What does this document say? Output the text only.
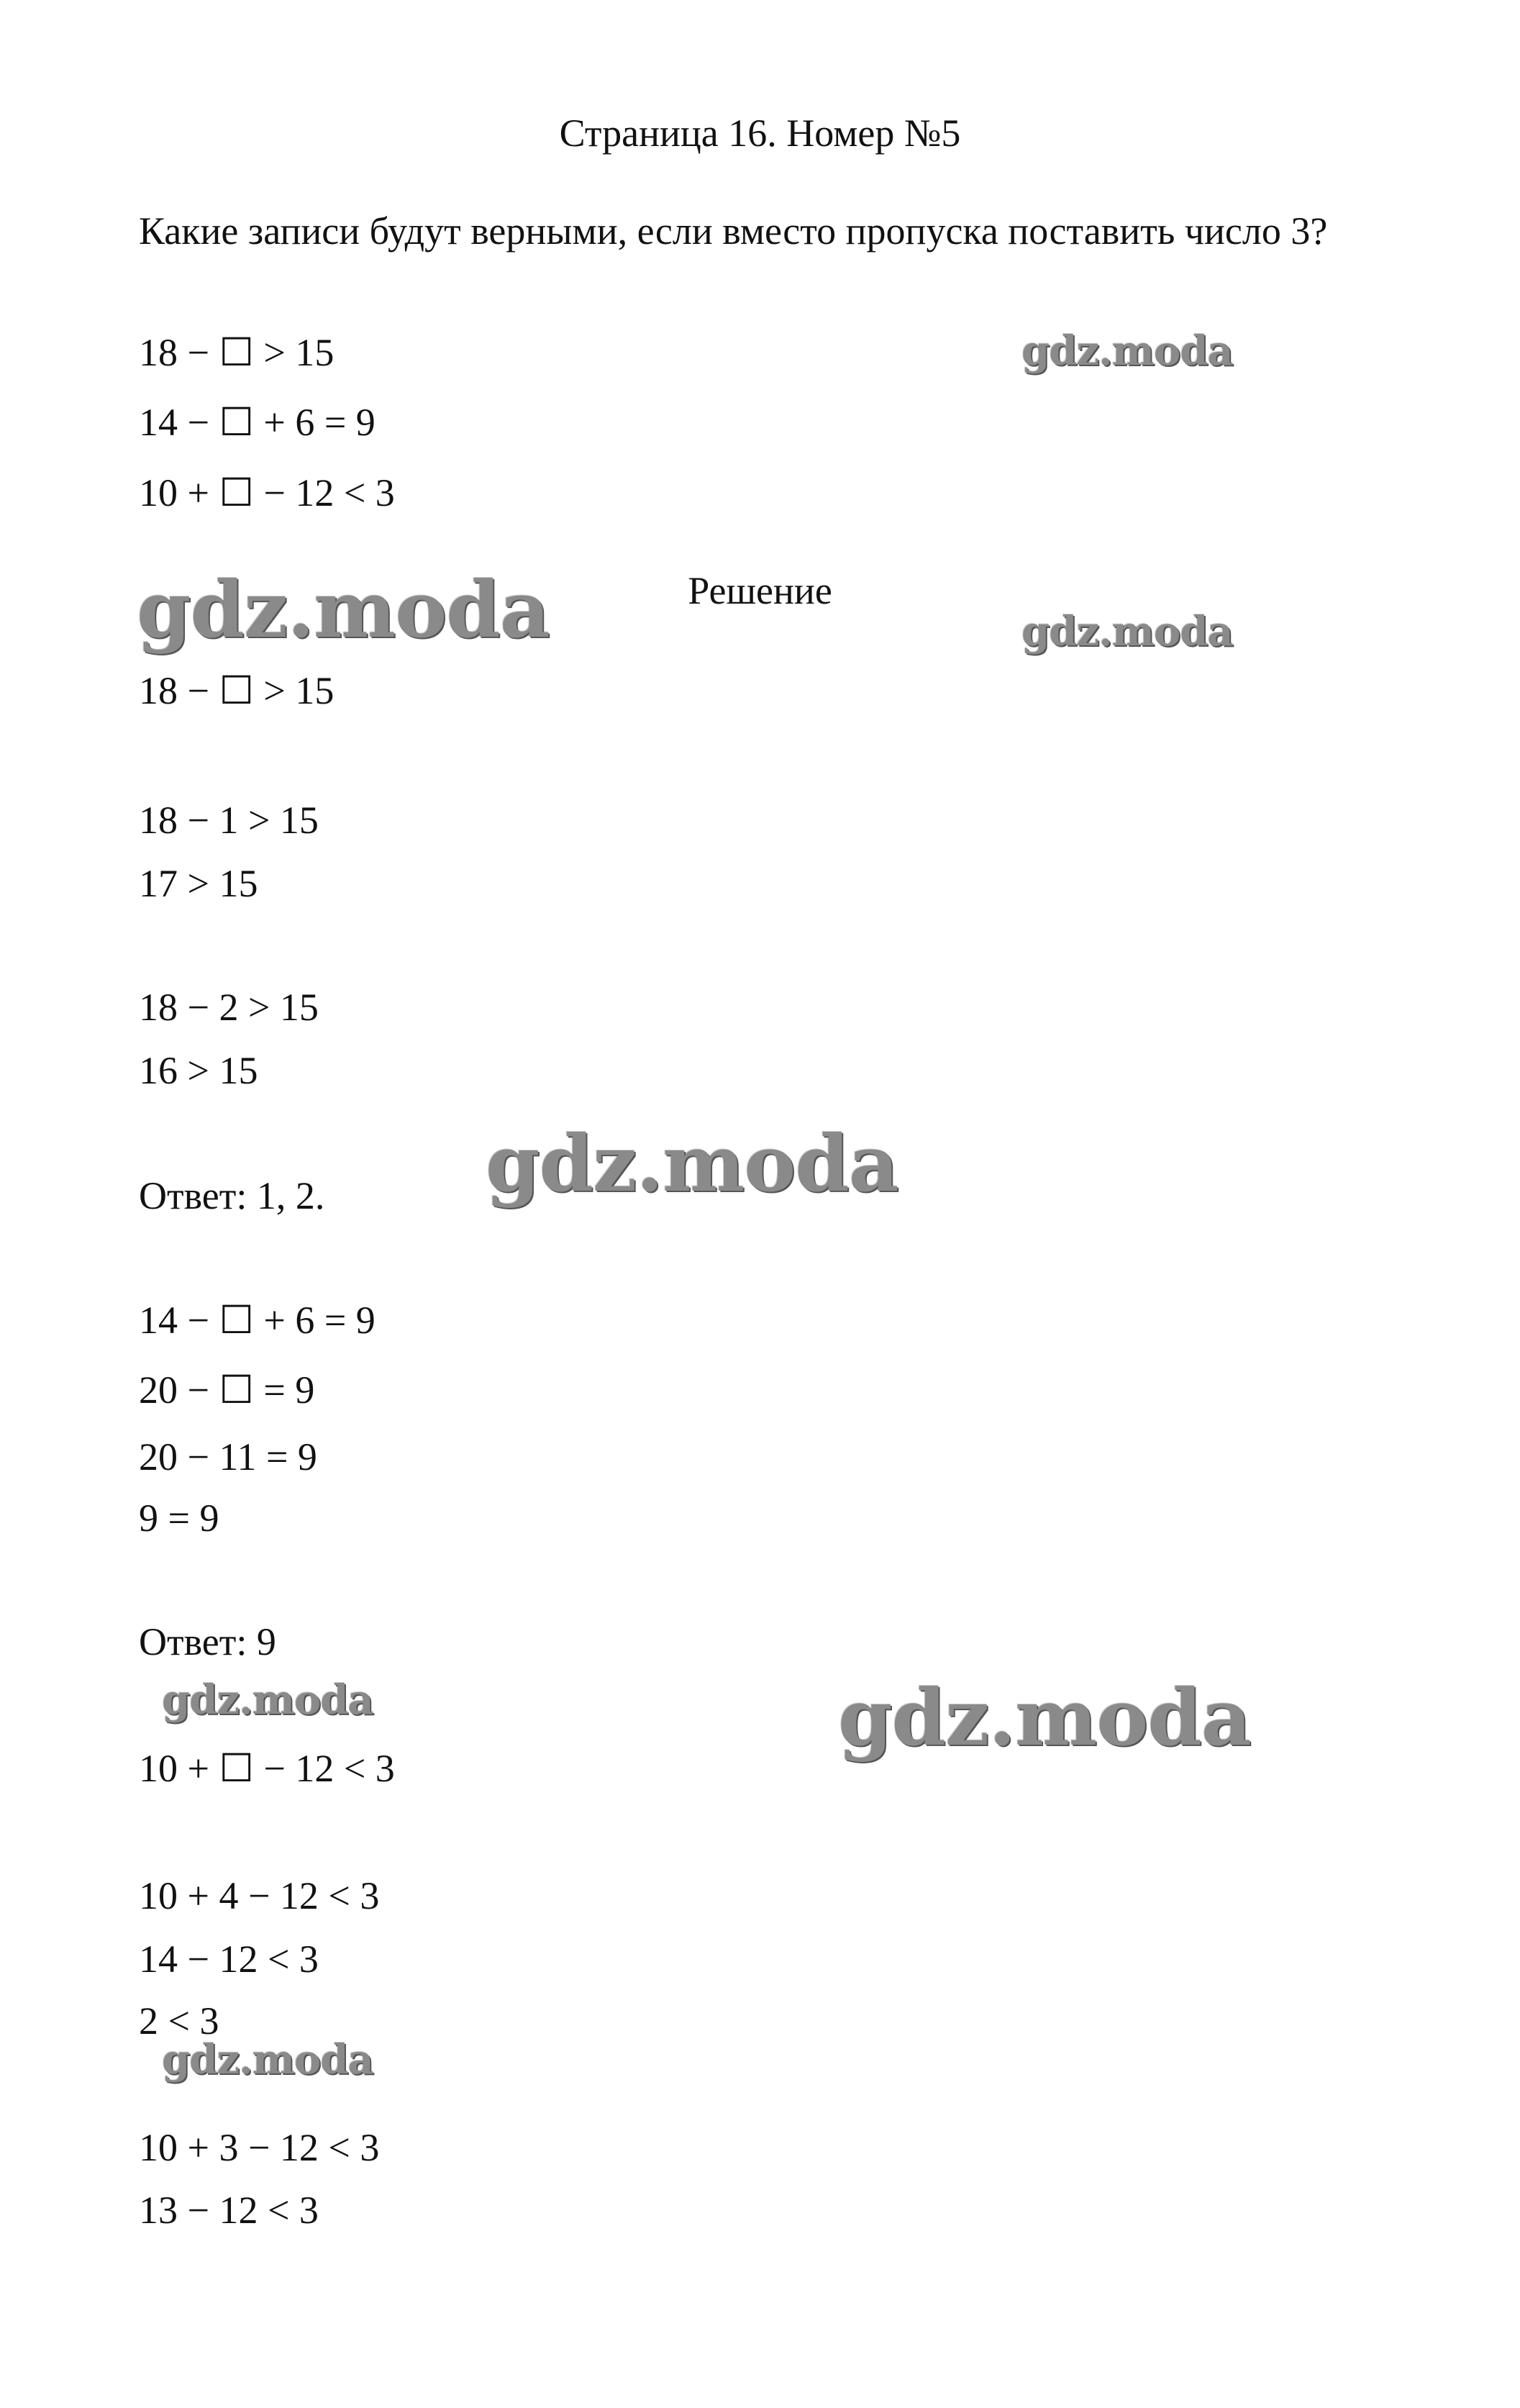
Страница 16. Номер №5
Какие записи будут верными, если вместо пропуска поставить число 3?
18 − ☐ > 15
14 − ☐ + 6 = 9
10 + ☐ − 12 < 3
Решение
18 − ☐ > 15
18 − 1 > 15
17 > 15
18 − 2 > 15
16 > 15
Ответ: 1, 2.
14 − ☐ + 6 = 9
20 − ☐ = 9
20 − 11 = 9
9 = 9
Ответ: 9
10 + ☐ − 12 < 3
10 + 4 − 12 < 3
14 − 12 < 3
2 < 3
10 + 3 − 12 < 3
13 − 12 < 3
gdz.moda
gdz.moda	gdz.moda
gdz.moda
gdz.moda	gdz.moda
gdz.moda
